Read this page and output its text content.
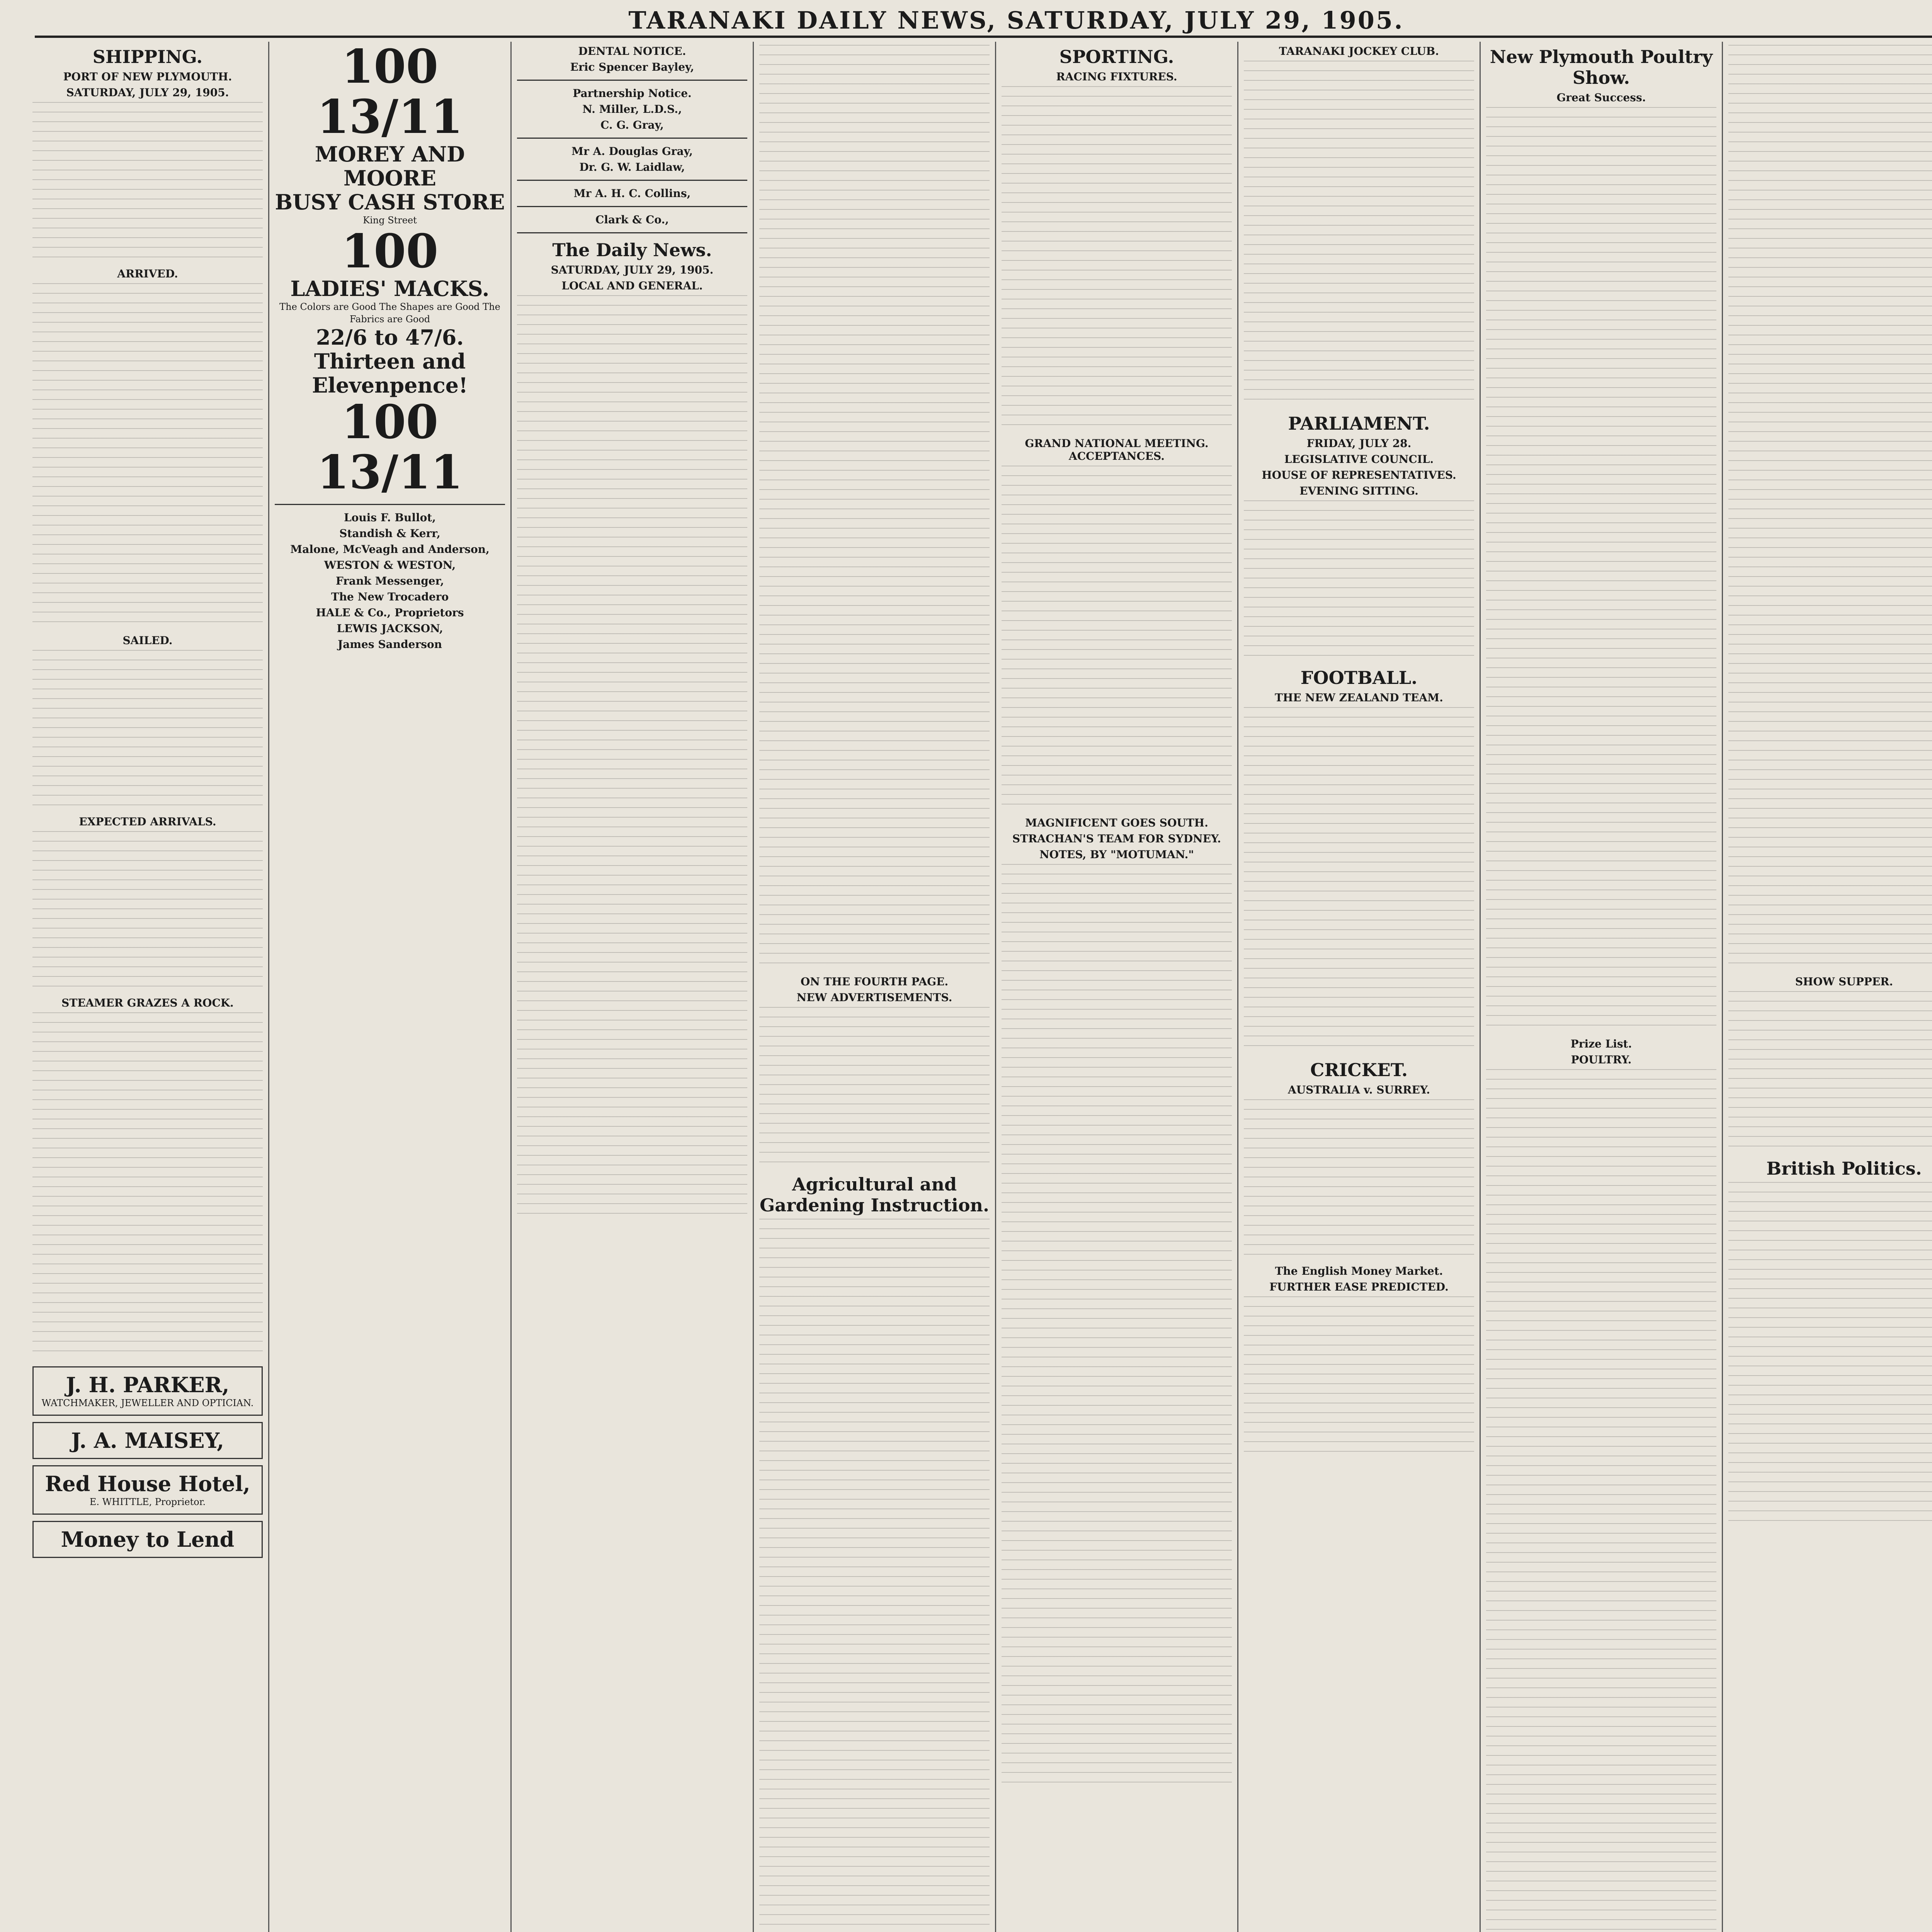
TARANAKI DAILY NEWS, SATURDAY, JULY 29, 1905.
SHIPPING.
PORT OF NEW PLYMOUTH.
SATURDAY, JULY 29, 1905.
ARRIVED.
SAILED.
EXPECTED ARRIVALS.
STEAMER GRAZES A ROCK.
J. H. PARKER,
WATCHMAKER, JEWELLER AND OPTICIAN.
J. A. MAISEY,
Red House Hotel,
E. WHITTLE, Proprietor.
Money to Lend
100
13/11
MOREY AND MOORE
BUSY CASH STORE
King Street
100
LADIES' MACKS.
The Colors are Good The Shapes are Good The Fabrics are Good
22/6 to 47/6.
Thirteen and Elevenpence!
100
13/11
Louis F. Bullot,
Standish & Kerr,
Malone, McVeagh and Anderson,
WESTON & WESTON,
Frank Messenger,
The New Trocadero
HALE & Co., Proprietors
LEWIS JACKSON,
James Sanderson
DENTAL NOTICE.
Eric Spencer Bayley,
Partnership Notice.
N. Miller, L.D.S.,
C. G. Gray,
Mr A. Douglas Gray,
Dr. G. W. Laidlaw,
Mr A. H. C. Collins,
Clark & Co.,
The Daily News.
SATURDAY, JULY 29, 1905.
LOCAL AND GENERAL.
ON THE FOURTH PAGE.
NEW ADVERTISEMENTS.
Agricultural and Gardening Instruction.
SPORTING.
RACING FIXTURES.
GRAND NATIONAL MEETING. ACCEPTANCES.
MAGNIFICENT GOES SOUTH.
STRACHAN'S TEAM FOR SYDNEY.
NOTES, BY "MOTUMAN."
TARANAKI JOCKEY CLUB.
PARLIAMENT.
FRIDAY, JULY 28.
LEGISLATIVE COUNCIL.
HOUSE OF REPRESENTATIVES.
EVENING SITTING.
FOOTBALL.
THE NEW ZEALAND TEAM.
CRICKET.
AUSTRALIA v. SURREY.
The English Money Market.
FURTHER EASE PREDICTED.
New Plymouth Poultry Show.
Great Success.
Prize List.
POULTRY.
SHOW SUPPER.
British Politics.
